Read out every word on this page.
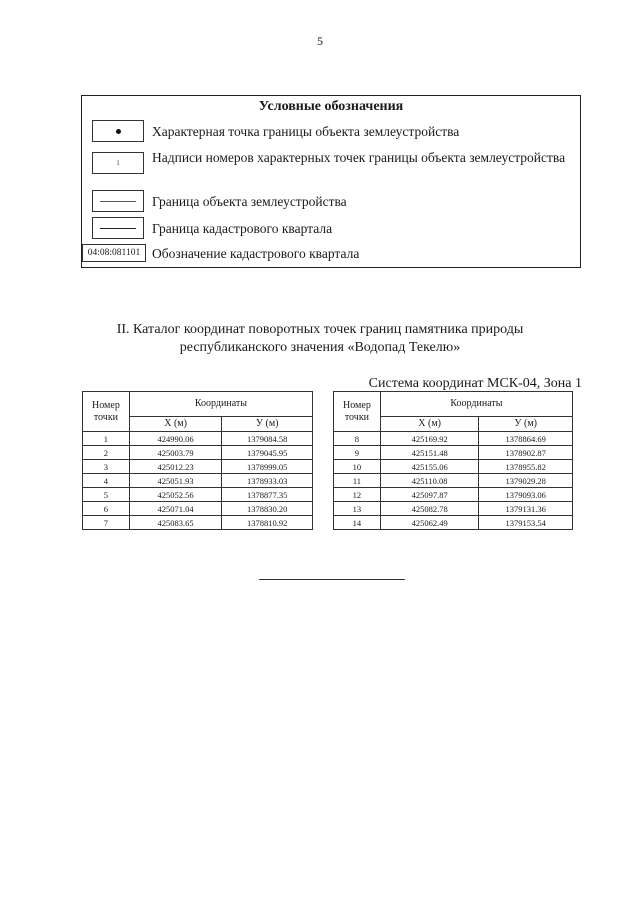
5
Условные обозначения
Характерная точка границы объекта землеустройства
1 Надписи номеров характерных точек границы объекта землеустройства
Граница объекта землеустройства
Граница кадастрового квартала
04:08:081101 Обозначение кадастрового квартала
II. Каталог координат поворотных точек границ памятника природы
республиканского значения «Водопад Текелю»
Система координат МСК-04, Зона 1
Номер точки	Координаты	
	X (м)	У (м)
1	424990.06	1379084.58
2	425003.79	1379045.95
3	425012.23	1378999.05
4	425051.93	1378933.03
5	425052.56	1378877.35
6	425071.04	1378830.20
7	425083.65	1378810.92
Номер точки	Координаты	
	X (м)	У (м)
8	425169.92	1378864.69
9	425151.48	1378902.87
10	425155.06	1378955.82
11	425110.08	1379029.28
12	425097.87	1379093.06
13	425082.78	1379131.36
14	425062.49	1379153.54
